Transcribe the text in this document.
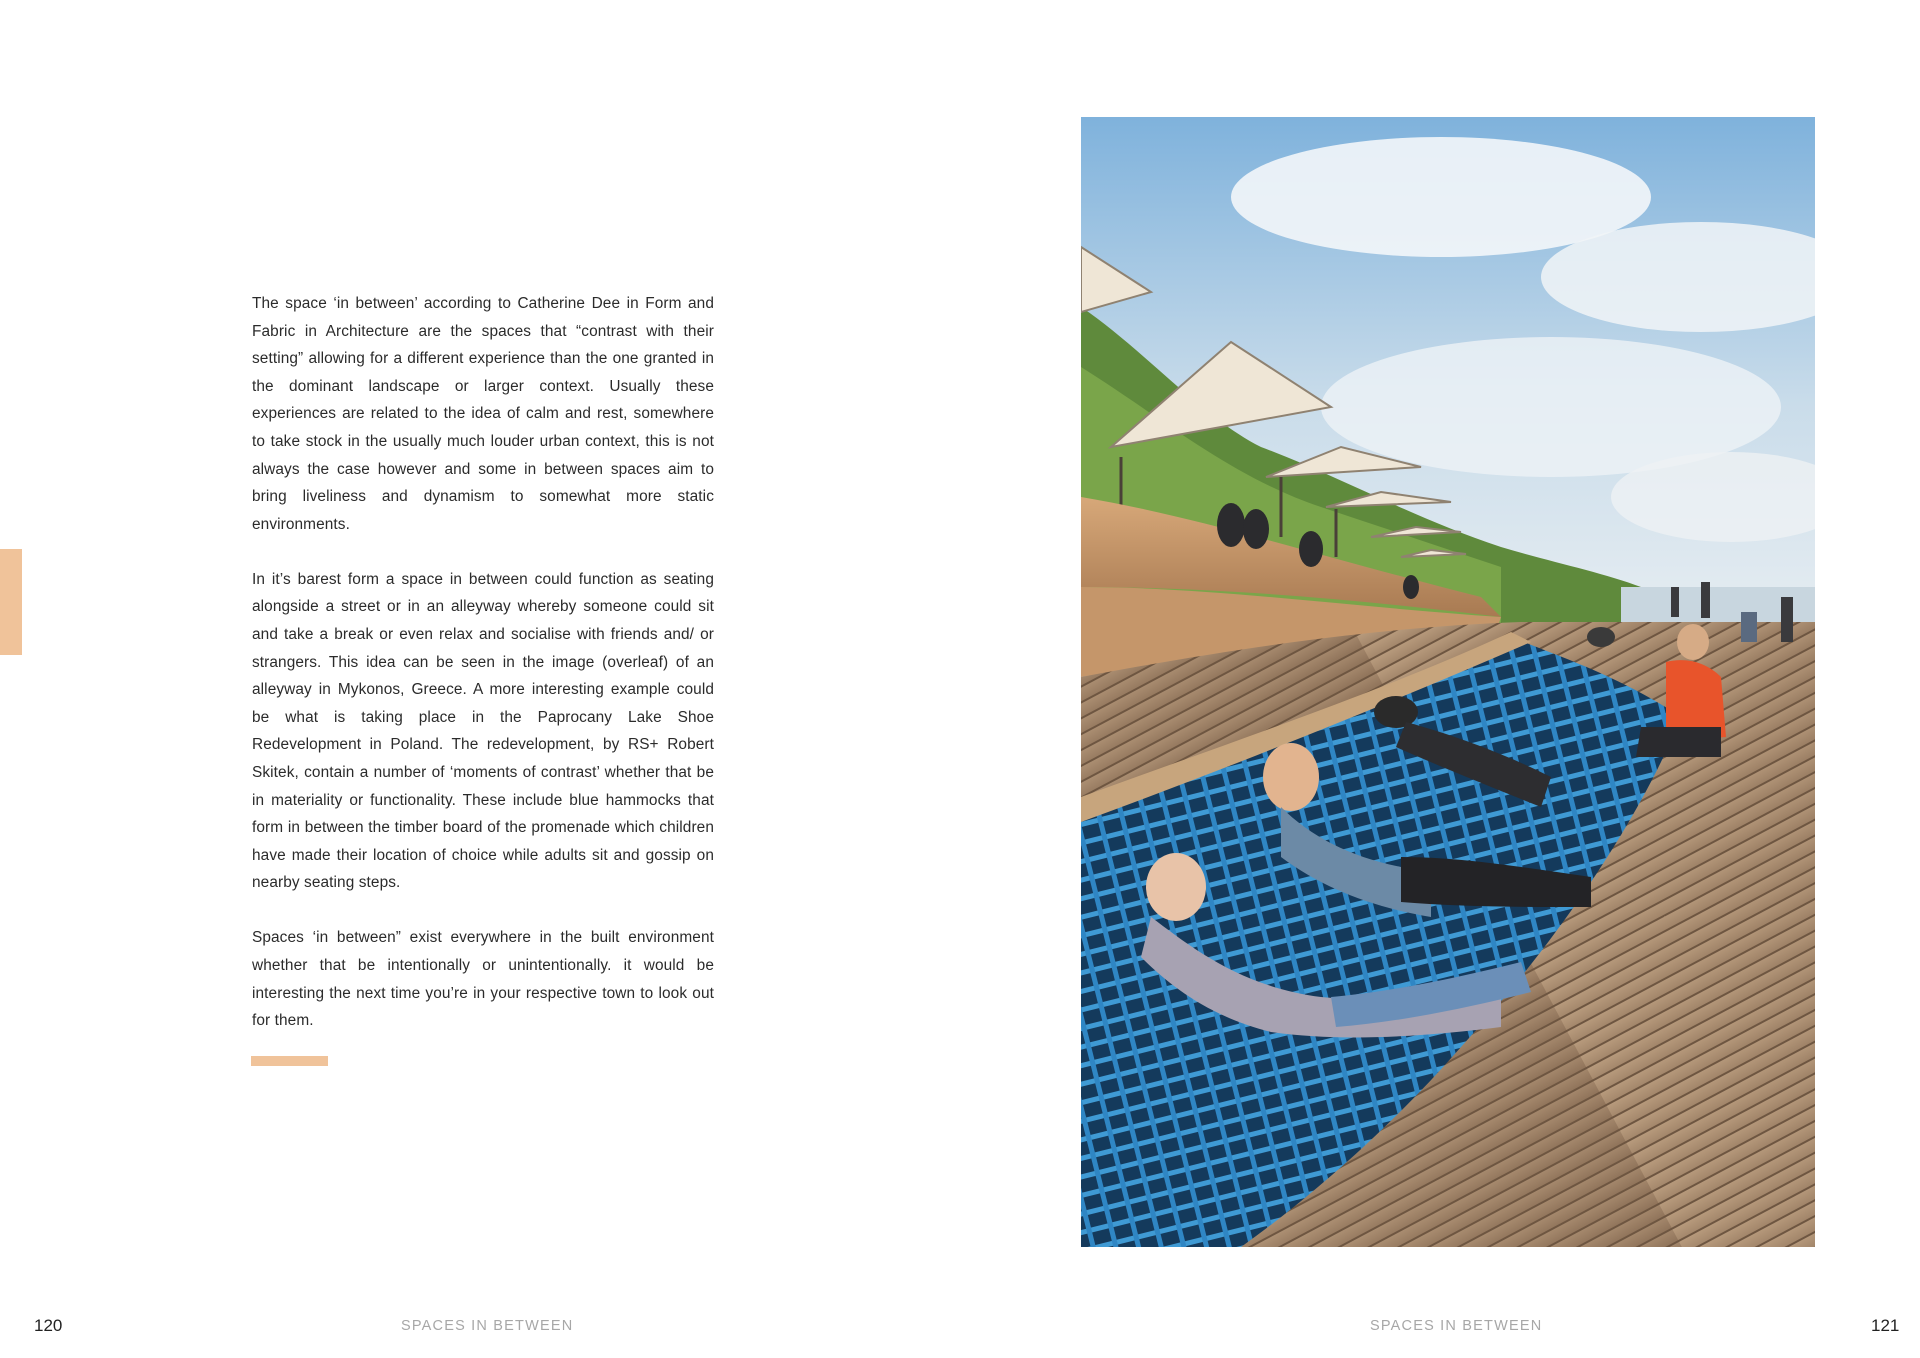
The space ‘in between’ according to Catherine Dee in Form and Fabric in Architecture are the spaces that “contrast with their setting” allowing for a different experience than the one granted in the dominant landscape or larger context. Usually these experiences are related to the idea of calm and rest, somewhere to take stock in the usually much louder urban context, this is not always the case however and some in between spaces aim to bring liveliness and dynamism to somewhat more static environments.

In it’s barest form a space in between could function as seating alongside a street or in an alleyway whereby someone could sit and take a break or even relax and socialise with friends and/ or strangers. This idea can be seen in the image (overleaf) of an alleyway in Mykonos, Greece. A more interesting example could be what is taking place in the Paprocany Lake Shoe Redevelopment in Poland. The redevelopment, by RS+ Robert Skitek, contain a number of ‘moments of contrast’ whether that be in materiality or functionality. These include blue hammocks that form in between the timber board of the promenade which children have made their location of choice while adults sit and gossip on nearby seating steps.

Spaces ‘in between” exist everywhere in the built environment whether that be intentionally or unintentionally. it would be interesting the next time you’re in your respective town to look out for them.

120	SPACES IN BETWEEN	SPACES IN BETWEEN	121
